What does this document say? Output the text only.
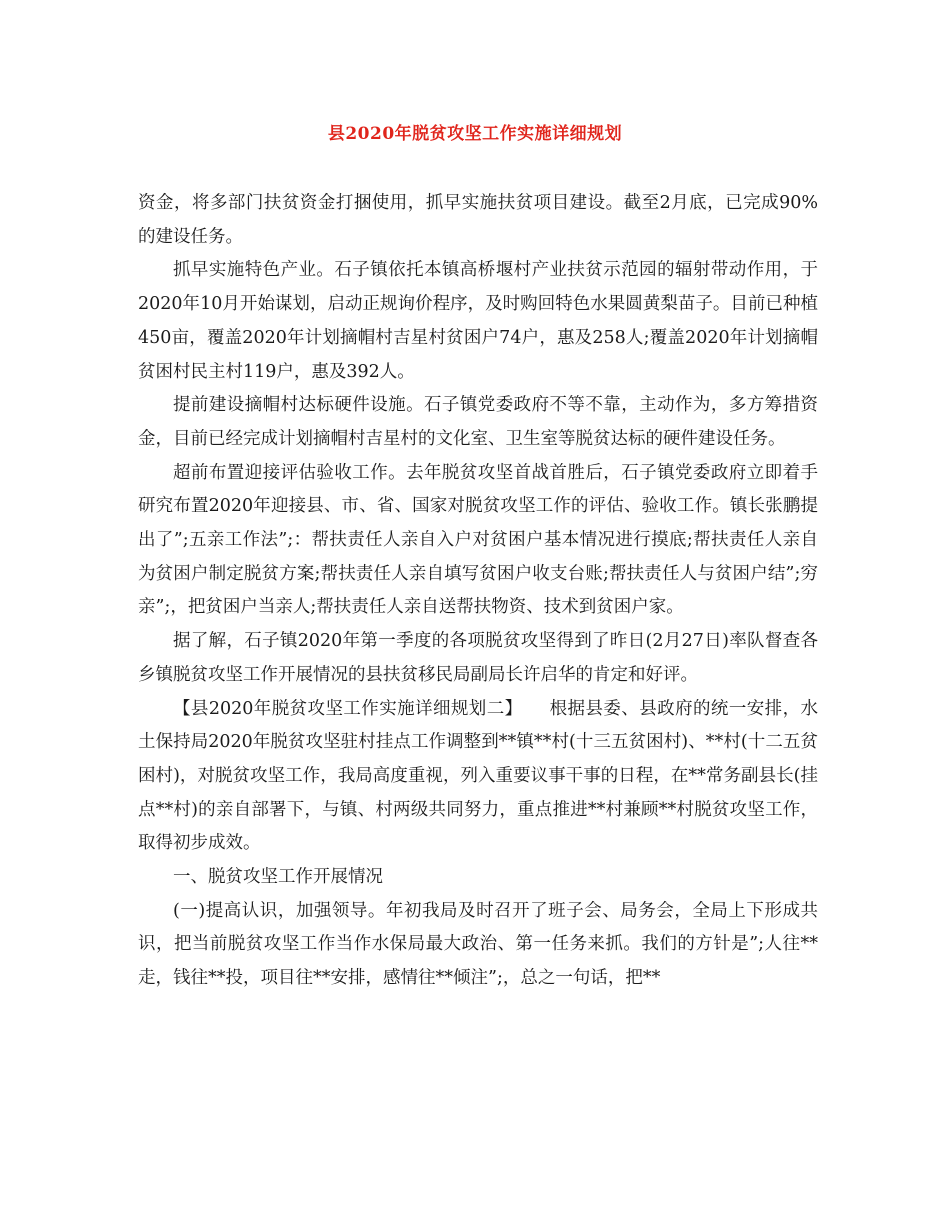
县2020年脱贫攻坚工作实施详细规划

资金，将多部门扶贫资金打捆使用，抓早实施扶贫项目建设。截至2月底，已完成90%的建设任务。

抓早实施特色产业。石子镇依托本镇高桥堰村产业扶贫示范园的辐射带动作用，于2020年10月开始谋划，启动正规询价程序，及时购回特色水果圆黄梨苗子。目前已种植450亩，覆盖2020年计划摘帽村吉星村贫困户74户，惠及258人;覆盖2020年计划摘帽贫困村民主村119户，惠及392人。

提前建设摘帽村达标硬件设施。石子镇党委政府不等不靠，主动作为，多方筹措资金，目前已经完成计划摘帽村吉星村的文化室、卫生室等脱贫达标的硬件建设任务。

超前布置迎接评估验收工作。去年脱贫攻坚首战首胜后，石子镇党委政府立即着手研究布置2020年迎接县、市、省、国家对脱贫攻坚工作的评估、验收工作。镇长张鹏提出了”;五亲工作法”;：帮扶责任人亲自入户对贫困户基本情况进行摸底;帮扶责任人亲自为贫困户制定脱贫方案;帮扶责任人亲自填写贫困户收支台账;帮扶责任人与贫困户结”;穷亲”;，把贫困户当亲人;帮扶责任人亲自送帮扶物资、技术到贫困户家。

据了解，石子镇2020年第一季度的各项脱贫攻坚得到了昨日(2月27日)率队督查各乡镇脱贫攻坚工作开展情况的县扶贫移民局副局长许启华的肯定和好评。

【县2020年脱贫攻坚工作实施详细规划二】　　根据县委、县政府的统一安排，水土保持局2020年脱贫攻坚驻村挂点工作调整到**镇**村(十三五贫困村)、**村(十二五贫困村)，对脱贫攻坚工作，我局高度重视，列入重要议事干事的日程，在**常务副县长(挂点**村)的亲自部署下，与镇、村两级共同努力，重点推进**村兼顾**村脱贫攻坚工作，取得初步成效。

一、脱贫攻坚工作开展情况

(一)提高认识，加强领导。年初我局及时召开了班子会、局务会，全局上下形成共识，把当前脱贫攻坚工作当作水保局最大政治、第一任务来抓。我们的方针是”;人往**走，钱往**投，项目往**安排，感情往**倾注”;，总之一句话，把**
